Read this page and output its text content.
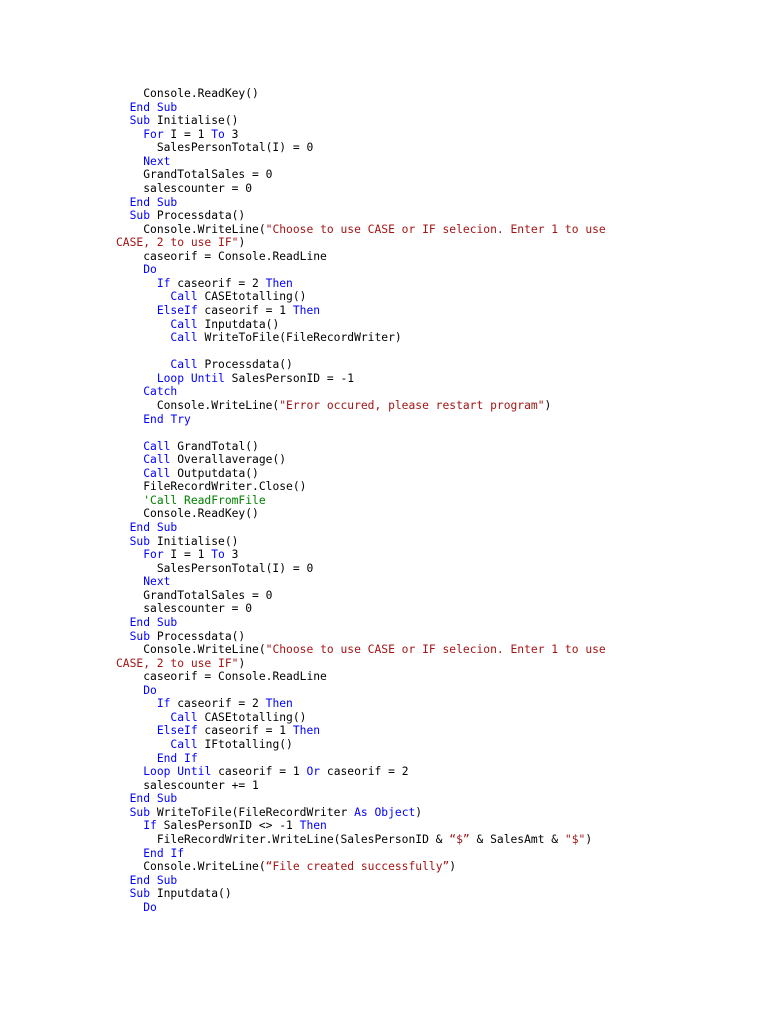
Console.ReadKey()
End Sub
Sub Initialise()
For I = 1 To 3
SalesPersonTotal(I) = 0
Next
GrandTotalSales = 0
salescounter = 0
End Sub
Sub Processdata()
Console.WriteLine("Choose to use CASE or IF selecion. Enter 1 to use
CASE, 2 to use IF")
caseorif = Console.ReadLine
Do
If caseorif = 2 Then
Call CASEtotalling()
ElseIf caseorif = 1 Then
Call Inputdata()
Call WriteToFile(FileRecordWriter)
Call Processdata()
Loop Until SalesPersonID = -1
Catch
Console.WriteLine("Error occured, please restart program")
End Try
Call GrandTotal()
Call Overallaverage()
Call Outputdata()
FileRecordWriter.Close()
'Call ReadFromFile
Console.ReadKey()
End Sub
Sub Initialise()
For I = 1 To 3
SalesPersonTotal(I) = 0
Next
GrandTotalSales = 0
salescounter = 0
End Sub
Sub Processdata()
Console.WriteLine("Choose to use CASE or IF selecion. Enter 1 to use
CASE, 2 to use IF")
caseorif = Console.ReadLine
Do
If caseorif = 2 Then
Call CASEtotalling()
ElseIf caseorif = 1 Then
Call IFtotalling()
End If
Loop Until caseorif = 1 Or caseorif = 2
salescounter += 1
End Sub
Sub WriteToFile(FileRecordWriter As Object)
If SalesPersonID <> -1 Then
FileRecordWriter.WriteLine(SalesPersonID & “$” & SalesAmt & "$")
End If
Console.WriteLine(“File created successfully”)
End Sub
Sub Inputdata()
Do
